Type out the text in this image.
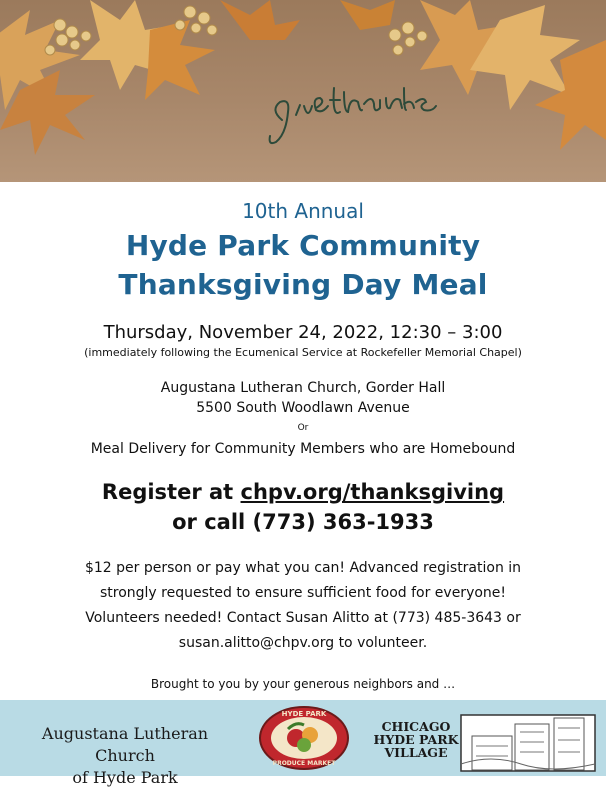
10th Annual
Hyde Park Community
Thanksgiving Day Meal
Thursday, November 24, 2022, 12:30 – 3:00
(immediately following the Ecumenical Service at Rockefeller Memorial Chapel)
Augustana Lutheran Church, Gorder Hall
5500 South Woodlawn Avenue
Or
Meal Delivery for Community Members who are Homebound
Register at chpv.org/thanksgiving
or call (773) 363-1933
$12 per person or pay what you can! Advanced registration in
strongly requested to ensure sufficient food for everyone!
Volunteers needed! Contact Susan Alitto at (773) 485-3643 or
susan.alitto@chpv.org to volunteer.
Brought to you by your generous neighbors and …
Augustana Lutheran Church
of Hyde Park
HYDE PARK
PRODUCE MARKET
CHICAGO
HYDE PARK
VILLAGE
